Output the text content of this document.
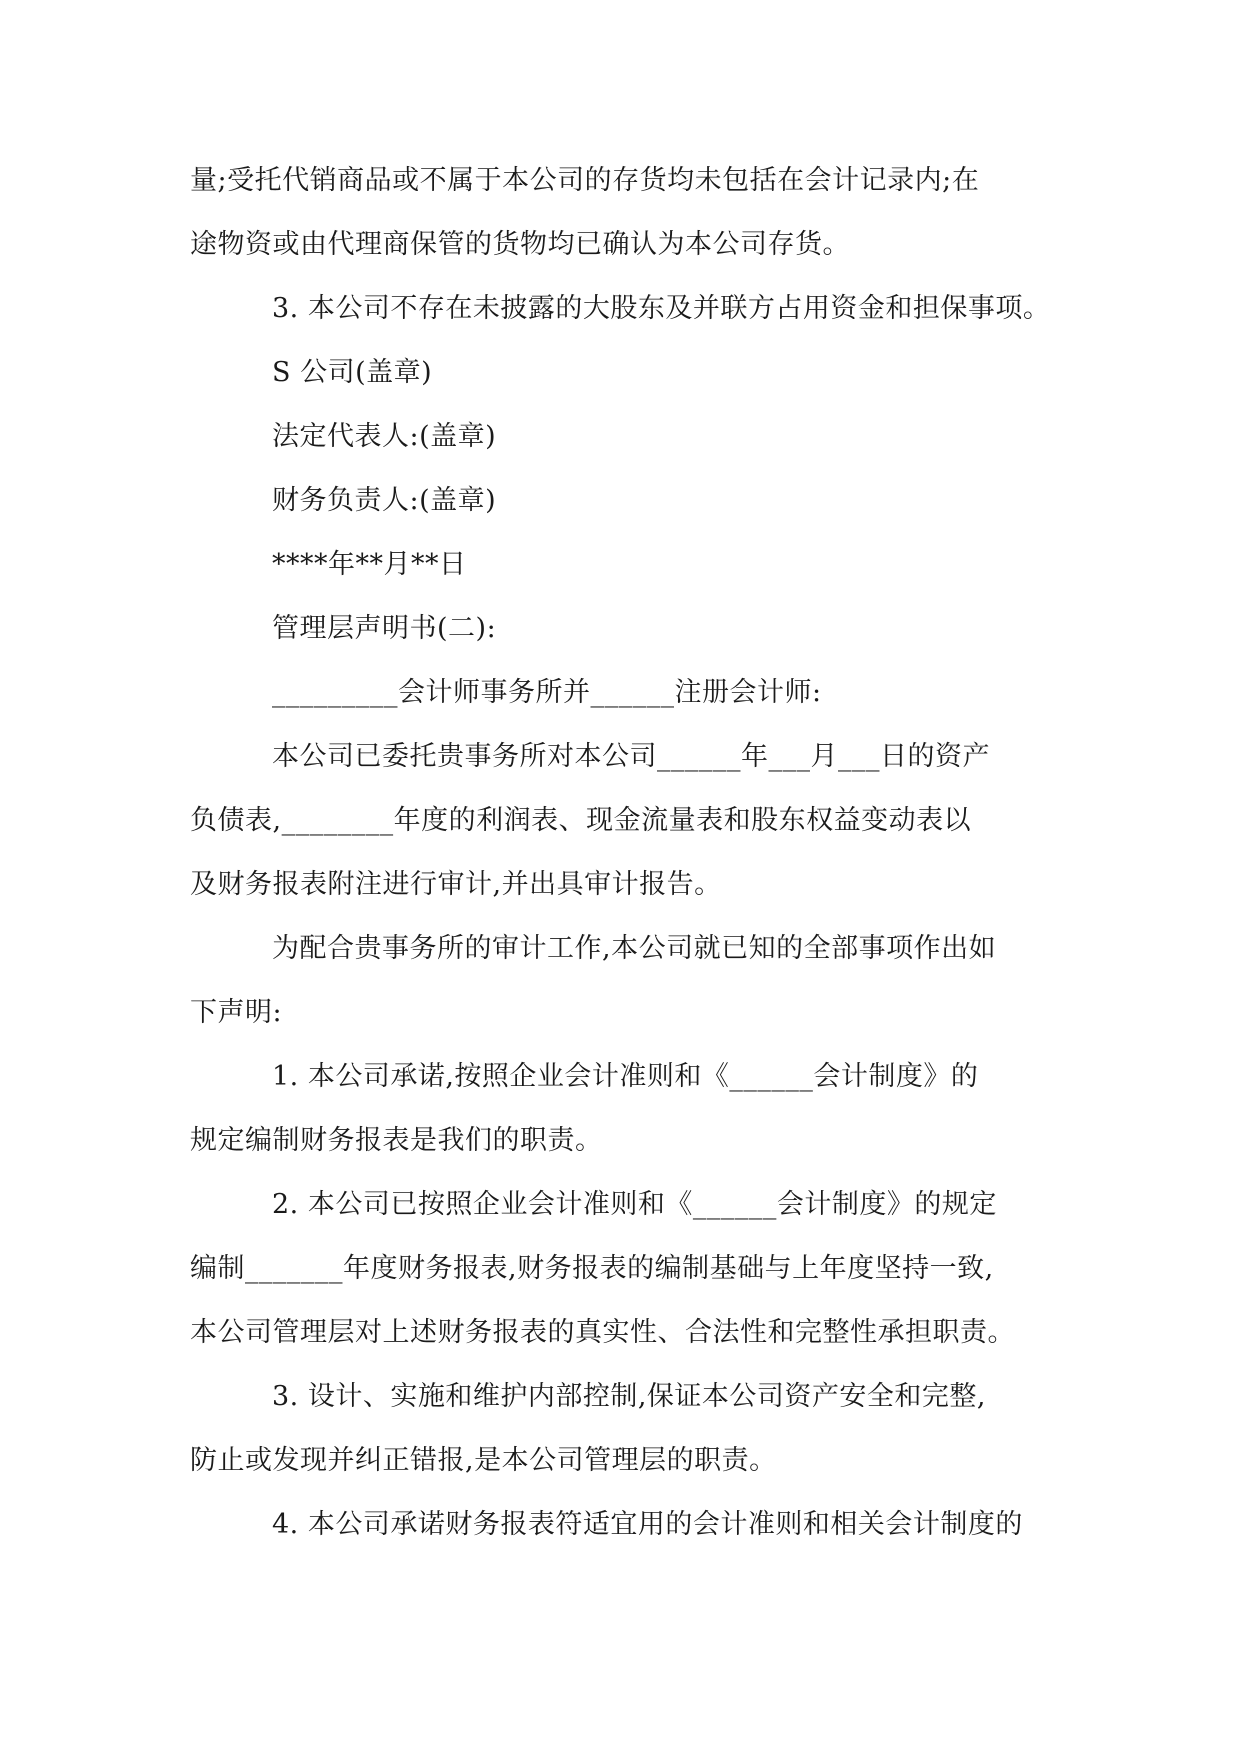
量;受托代销商品或不属于本公司的存货均未包括在会计记录内;在
途物资或由代理商保管的货物均已确认为本公司存货。
3. 本公司不存在未披露的大股东及并联方占用资金和担保事项。
S 公司(盖章)
法定代表人:(盖章)
财务负责人:(盖章)
****年**月**日
管理层声明书(二):
_________会计师事务所并______注册会计师:
本公司已委托贵事务所对本公司______年___月___日的资产
负债表,________年度的利润表、现金流量表和股东权益变动表以
及财务报表附注进行审计,并出具审计报告。
为配合贵事务所的审计工作,本公司就已知的全部事项作出如
下声明:
1. 本公司承诺,按照企业会计准则和《______会计制度》的
规定编制财务报表是我们的职责。
2. 本公司已按照企业会计准则和《______会计制度》的规定
编制_______年度财务报表,财务报表的编制基础与上年度坚持一致,
本公司管理层对上述财务报表的真实性、合法性和完整性承担职责。
3. 设计、实施和维护内部控制,保证本公司资产安全和完整,
防止或发现并纠正错报,是本公司管理层的职责。
4. 本公司承诺财务报表符适宜用的会计准则和相关会计制度的
